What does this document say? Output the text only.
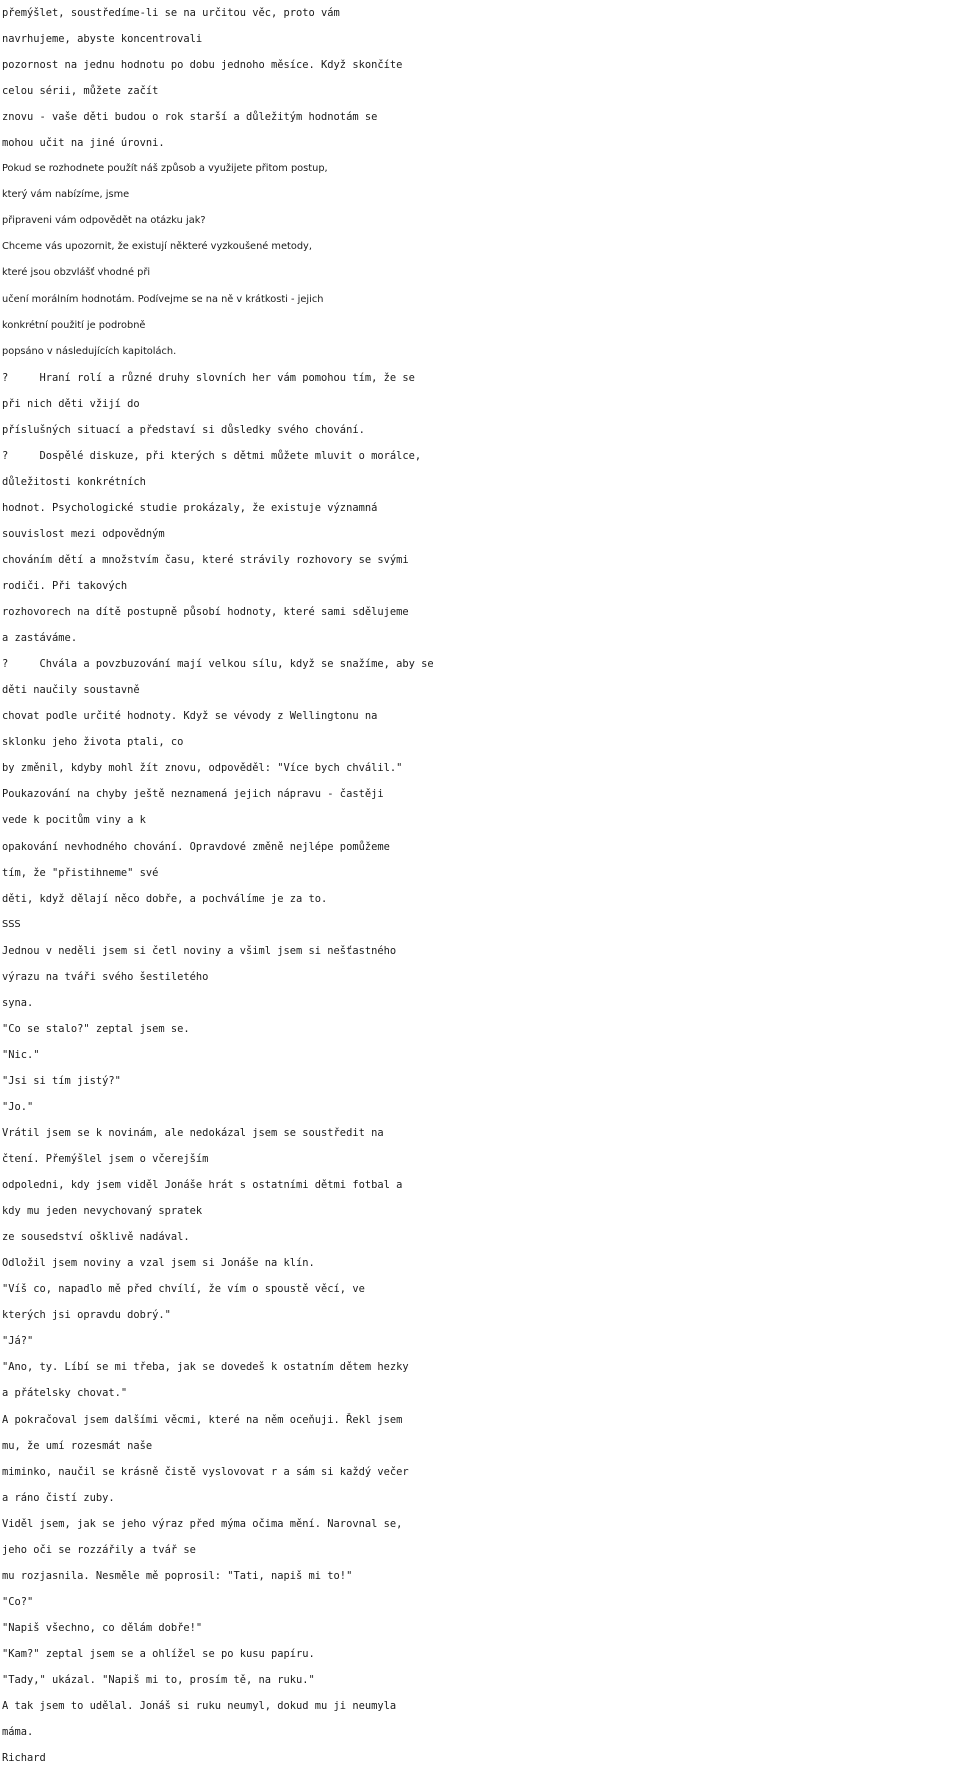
přemýšlet, soustředíme-li se na určitou věc, proto vám
navrhujeme, abyste koncentrovali
pozornost na jednu hodnotu po dobu jednoho měsíce. Když skončíte
celou sérii, můžete začít
znovu - vaše děti budou o rok starší a důležitým hodnotám se
mohou učit na jiné úrovni.
Pokud se rozhodnete použít náš způsob a využijete přitom postup,
který vám nabízíme, jsme
připraveni vám odpovědět na otázku jak?
Chceme vás upozornit, že existují některé vyzkoušené metody,
které jsou obzvlášť vhodné při
učení morálním hodnotám. Podívejme se na ně v krátkosti - jejich
konkrétní použití je podrobně
popsáno v následujících kapitolách.
?     Hraní rolí a různé druhy slovních her vám pomohou tím, že se
při nich děti vžijí do
příslušných situací a představí si důsledky svého chování.
?     Dospělé diskuze, při kterých s dětmi můžete mluvit o morálce,
důležitosti konkrétních
hodnot. Psychologické studie prokázaly, že existuje významná
souvislost mezi odpovědným
chováním dětí a množstvím času, které strávily rozhovory se svými
rodiči. Při takových
rozhovorech na dítě postupně působí hodnoty, které sami sdělujeme
a zastáváme.
?     Chvála a povzbuzování mají velkou sílu, když se snažíme, aby se
děti naučily soustavně
chovat podle určité hodnoty. Když se vévody z Wellingtonu na
sklonku jeho života ptali, co
by změnil, kdyby mohl žít znovu, odpověděl: "Více bych chválil."
Poukazování na chyby ještě neznamená jejich nápravu - častěji
vede k pocitům viny a k
opakování nevhodného chování. Opravdové změně nejlépe pomůžeme
tím, že "přistihneme" své
děti, když dělají něco dobře, a pochválíme je za to.
SSS
Jednou v neděli jsem si četl noviny a všiml jsem si nešťastného
výrazu na tváři svého šestiletého
syna.
"Co se stalo?" zeptal jsem se.
"Nic."
"Jsi si tím jistý?"
"Jo."
Vrátil jsem se k novinám, ale nedokázal jsem se soustředit na
čtení. Přemýšlel jsem o včerejším
odpoledni, kdy jsem viděl Jonáše hrát s ostatními dětmi fotbal a
kdy mu jeden nevychovaný spratek
ze sousedství ošklivě nadával.
Odložil jsem noviny a vzal jsem si Jonáše na klín.
"Víš co, napadlo mě před chvílí, že vím o spoustě věcí, ve
kterých jsi opravdu dobrý."
"Já?"
"Ano, ty. Líbí se mi třeba, jak se dovedeš k ostatním dětem hezky
a přátelsky chovat."
A pokračoval jsem dalšími věcmi, které na něm oceňuji. Řekl jsem
mu, že umí rozesmát naše
miminko, naučil se krásně čistě vyslovovat r a sám si každý večer
a ráno čistí zuby.
Viděl jsem, jak se jeho výraz před mýma očima mění. Narovnal se,
jeho oči se rozzářily a tvář se
mu rozjasnila. Nesměle mě poprosil: "Tati, napiš mi to!"
"Co?"
"Napiš všechno, co dělám dobře!"
"Kam?" zeptal jsem se a ohlížel se po kusu papíru.
"Tady," ukázal. "Napiš mi to, prosím tě, na ruku."
A tak jsem to udělal. Jonáš si ruku neumyl, dokud mu ji neumyla
máma.
Richard
